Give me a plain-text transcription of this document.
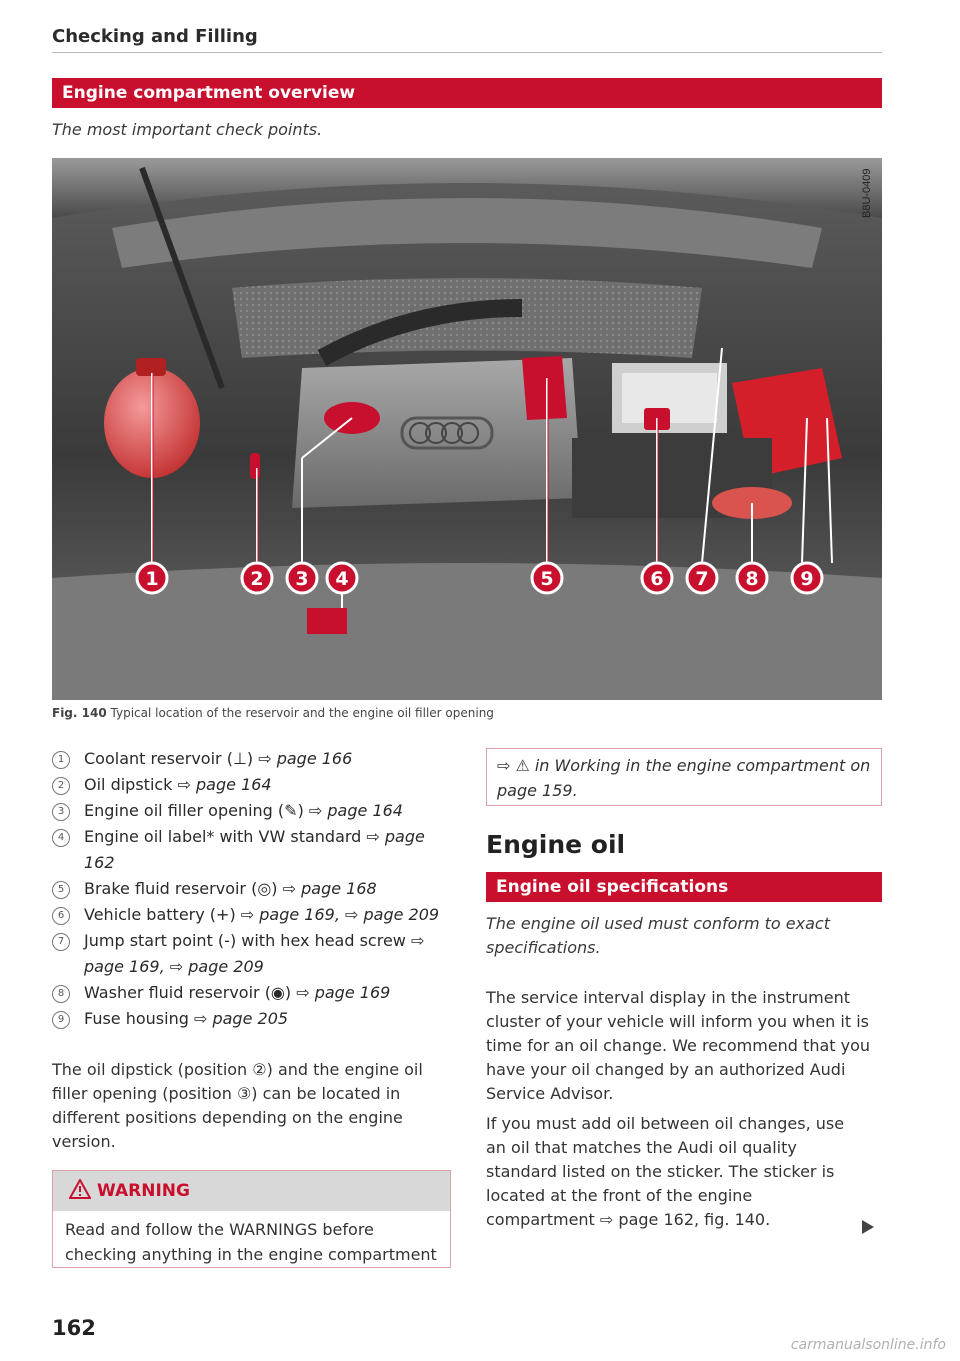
Checking and Filling
Engine compartment overview
The most important check points.
B8U-0409
1	2 3 4	5	6 7 8 9
Fig. 140 Typical location of the reservoir and the engine oil filler opening
1	Coolant reservoir (⊥) ⇨ page 166
2	Oil dipstick ⇨ page 164
3	Engine oil filler opening (✎) ⇨ page 164
4	Engine oil label* with VW standard ⇨ page 162
5	Brake fluid reservoir (◎) ⇨ page 168
6	Vehicle battery (+) ⇨ page 169, ⇨ page 209
7	Jump start point (-) with hex head screw ⇨ page 169, ⇨ page 209
8	Washer fluid reservoir (◉) ⇨ page 169
9	Fuse housing ⇨ page 205
The oil dipstick (position ②) and the engine oil filler opening (position ③) can be located in different positions depending on the engine version.
WARNING
Read and follow the WARNINGS before checking anything in the engine compartment
⇨ ⚠ in Working in the engine compartment on page 159.
Engine oil
Engine oil specifications
The engine oil used must conform to exact specifications.
The service interval display in the instrument cluster of your vehicle will inform you when it is time for an oil change. We recommend that you have your oil changed by an authorized Audi Service Advisor.
If you must add oil between oil changes, use an oil that matches the Audi oil quality standard listed on the sticker. The sticker is located at the front of the engine compartment ⇨ page 162, fig. 140.
162
carmanualsonline.info
